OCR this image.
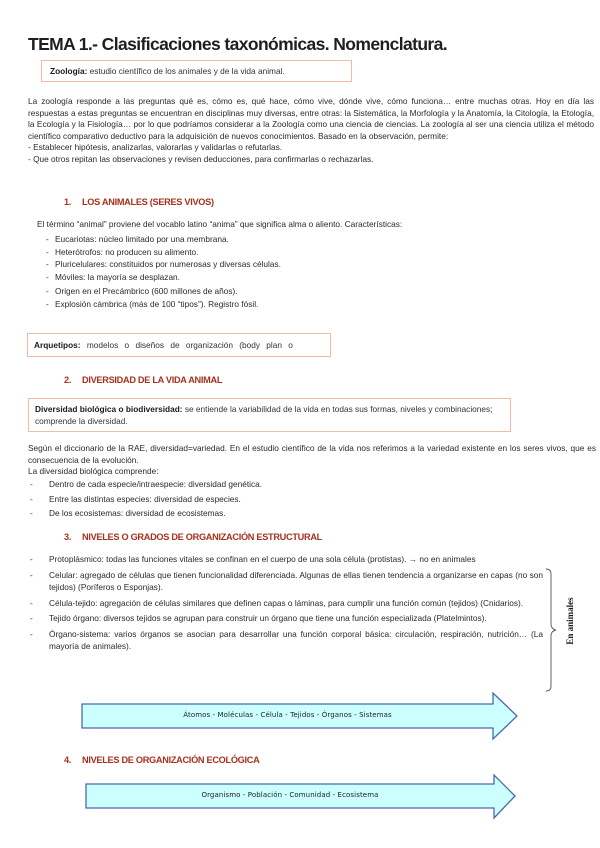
TEMA 1.- Clasificaciones taxonómicas. Nomenclatura.
Zoología: estudio científico de los animales y de la vida animal.

La zoología responde a las preguntas qué es, cómo es, qué hace, cómo vive, dónde vive, cómo funciona… entre muchas otras. Hoy en día las respuestas a estas preguntas se encuentran en disciplinas muy diversas, entre otras: la Sistemática, la Morfología y la Anatomía, la Citología, la Etología, la Ecología y la Fisiología… por lo que podríamos considerar a la Zoología como una ciencia de ciencias. La zoología al ser una ciencia utiliza el método científico comparativo deductivo para la adquisición de nuevos conocimientos. Basado en la observación, permite:

- Establecer hipótesis, analizarlas, valorarlas y validarlas o refutarlas.

- Que otros repitan las observaciones y revisen deducciones, para confirmarlas o rechazarlas.

1. LOS ANIMALES (SERES VIVOS)
El término “animal” proviene del vocablo latino “anima” que significa alma o aliento. Características:
- Eucariotas: núcleo limitado por una membrana.
- Heterótrofos: no producen su alimento.
- Pluricelulares: constituidos por numerosas y diversas células.
- Móviles: la mayoría se desplazan.
- Origen en el Precámbrico (600 millones de años).
- Explosión cámbrica (más de 100 “tipos”). Registro fósil.
Arquetipos: modelos o diseños de organización (body plan o
2. DIVERSIDAD DE LA VIDA ANIMAL
Diversidad biológica o biodiversidad: se entiende la variabilidad de la vida en todas sus formas, niveles y combinaciones; comprende la diversidad.
Según el diccionario de la RAE, diversidad=variedad. En el estudio científico de la vida nos referimos a la variedad existente en los seres vivos, que es consecuencia de la evolución.
La diversidad biológica comprende:
- Dentro de cada especie/intraespecie: diversidad genética.
- Entre las distintas especies: diversidad de especies.
- De los ecosistemas: diversidad de ecosistemas.
3. NIVELES O GRADOS DE ORGANIZACIÓN ESTRUCTURAL
- Protoplásmico: todas las funciones vitales se confinan en el cuerpo de una sola célula (protistas). → no en animales
- Celular: agregado de células que tienen funcionalidad diferenciada. Algunas de ellas tienen tendencia a organizarse en capas (no son tejidos) (Poríferos o Esponjas).
- Célula-tejido: agregación de células similares que definen capas o láminas, para cumplir una función común (tejidos) (Cnidarios).
- Tejido órgano: diversos tejidos se agrupan para construir un órgano que tiene una función especializada (Platelmintos).
- Órgano-sistema: varios órganos se asocian para desarrollar una función corporal básica: circulación, respiración, nutrición… (La mayoría de animales).
En animales
Átomos - Moléculas - Célula - Tejidos - Órganos - Sistemas
4. NIVELES DE ORGANIZACIÓN ECOLÓGICA
Organismo - Población - Comunidad - Ecosistema
